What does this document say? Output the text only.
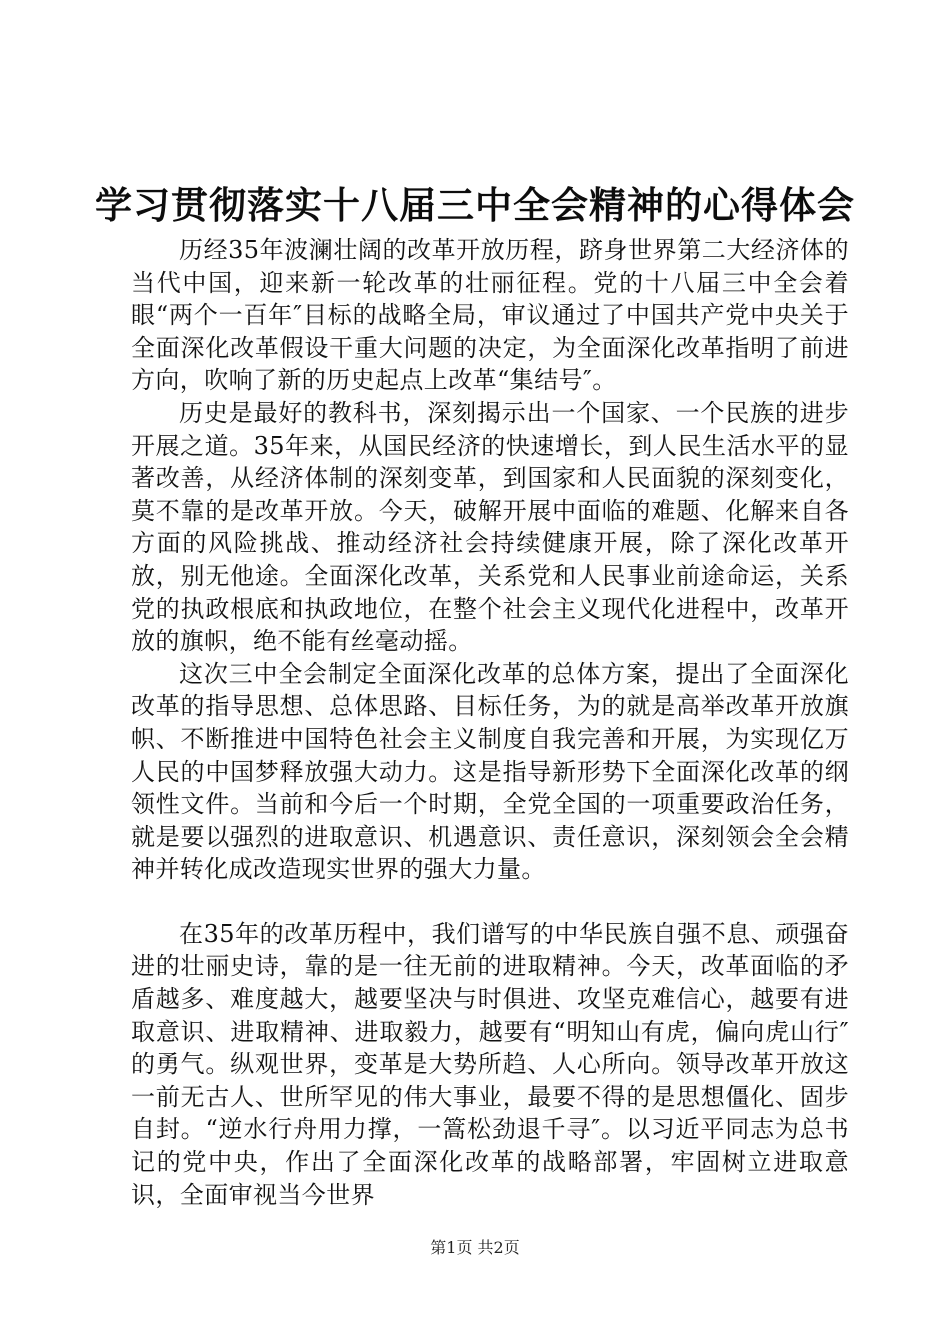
学习贯彻落实十八届三中全会精神的心得体会

历经35年波澜壮阔的改革开放历程，跻身世界第二大经济体的当代中国，迎来新一轮改革的壮丽征程。党的十八届三中全会着眼“两个一百年″目标的战略全局，审议通过了中国共产党中央关于全面深化改革假设干重大问题的决定，为全面深化改革指明了前进方向，吹响了新的历史起点上改革“集结号″。

历史是最好的教科书，深刻揭示出一个国家、一个民族的进步开展之道。35年来，从国民经济的快速增长，到人民生活水平的显著改善，从经济体制的深刻变革，到国家和人民面貌的深刻变化，莫不靠的是改革开放。今天，破解开展中面临的难题、化解来自各方面的风险挑战、推动经济社会持续健康开展，除了深化改革开放，别无他途。全面深化改革，关系党和人民事业前途命运，关系党的执政根底和执政地位，在整个社会主义现代化进程中，改革开放的旗帜，绝不能有丝毫动摇。

这次三中全会制定全面深化改革的总体方案，提出了全面深化改革的指导思想、总体思路、目标任务，为的就是高举改革开放旗帜、不断推进中国特色社会主义制度自我完善和开展，为实现亿万人民的中国梦释放强大动力。这是指导新形势下全面深化改革的纲领性文件。当前和今后一个时期，全党全国的一项重要政治任务，就是要以强烈的进取意识、机遇意识、责任意识，深刻领会全会精神并转化成改造现实世界的强大力量。

在35年的改革历程中，我们谱写的中华民族自强不息、顽强奋进的壮丽史诗，靠的是一往无前的进取精神。今天，改革面临的矛盾越多、难度越大，越要坚决与时俱进、攻坚克难信心，越要有进取意识、进取精神、进取毅力，越要有“明知山有虎，偏向虎山行″的勇气。纵观世界，变革是大势所趋、人心所向。领导改革开放这一前无古人、世所罕见的伟大事业，最要不得的是思想僵化、固步自封。“逆水行舟用力撑，一篙松劲退千寻″。以习近平同志为总书记的党中央，作出了全面深化改革的战略部署，牢固树立进取意识，全面审视当今世界

第1页 共2页
